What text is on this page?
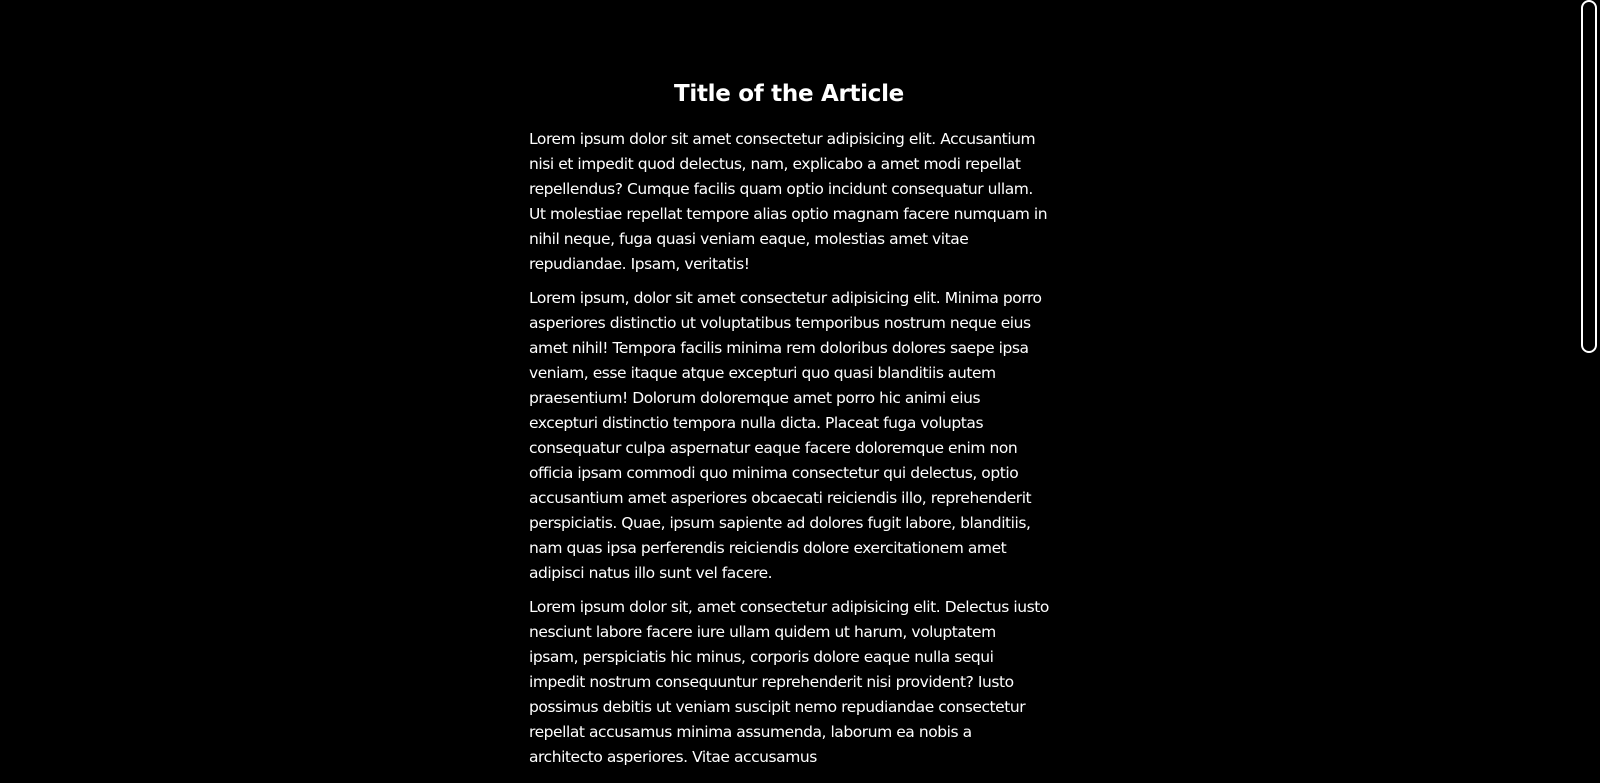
Title of the Article

Lorem ipsum dolor sit amet consectetur adipisicing elit. Accusantium nisi et impedit quod delectus, nam, explicabo a amet modi repellat repellendus? Cumque facilis quam optio incidunt consequatur ullam. Ut molestiae repellat tempore alias optio magnam facere numquam in nihil neque, fuga quasi veniam eaque, molestias amet vitae repudiandae. Ipsam, veritatis!

Lorem ipsum, dolor sit amet consectetur adipisicing elit. Minima porro asperiores distinctio ut voluptatibus temporibus nostrum neque eius amet nihil! Tempora facilis minima rem doloribus dolores saepe ipsa veniam, esse itaque atque excepturi quo quasi blanditiis autem praesentium! Dolorum doloremque amet porro hic animi eius excepturi distinctio tempora nulla dicta. Placeat fuga voluptas consequatur culpa aspernatur eaque facere doloremque enim non officia ipsam commodi quo minima consectetur qui delectus, optio accusantium amet asperiores obcaecati reiciendis illo, reprehenderit perspiciatis. Quae, ipsum sapiente ad dolores fugit labore, blanditiis, nam quas ipsa perferendis reiciendis dolore exercitationem amet adipisci natus illo sunt vel facere.

Lorem ipsum dolor sit, amet consectetur adipisicing elit. Delectus iusto nesciunt labore facere iure ullam quidem ut harum, voluptatem ipsam, perspiciatis hic minus, corporis dolore eaque nulla sequi impedit nostrum consequuntur reprehenderit nisi provident? Iusto possimus debitis ut veniam suscipit nemo repudiandae consectetur repellat accusamus minima assumenda, laborum ea nobis a architecto asperiores. Vitae accusamus
